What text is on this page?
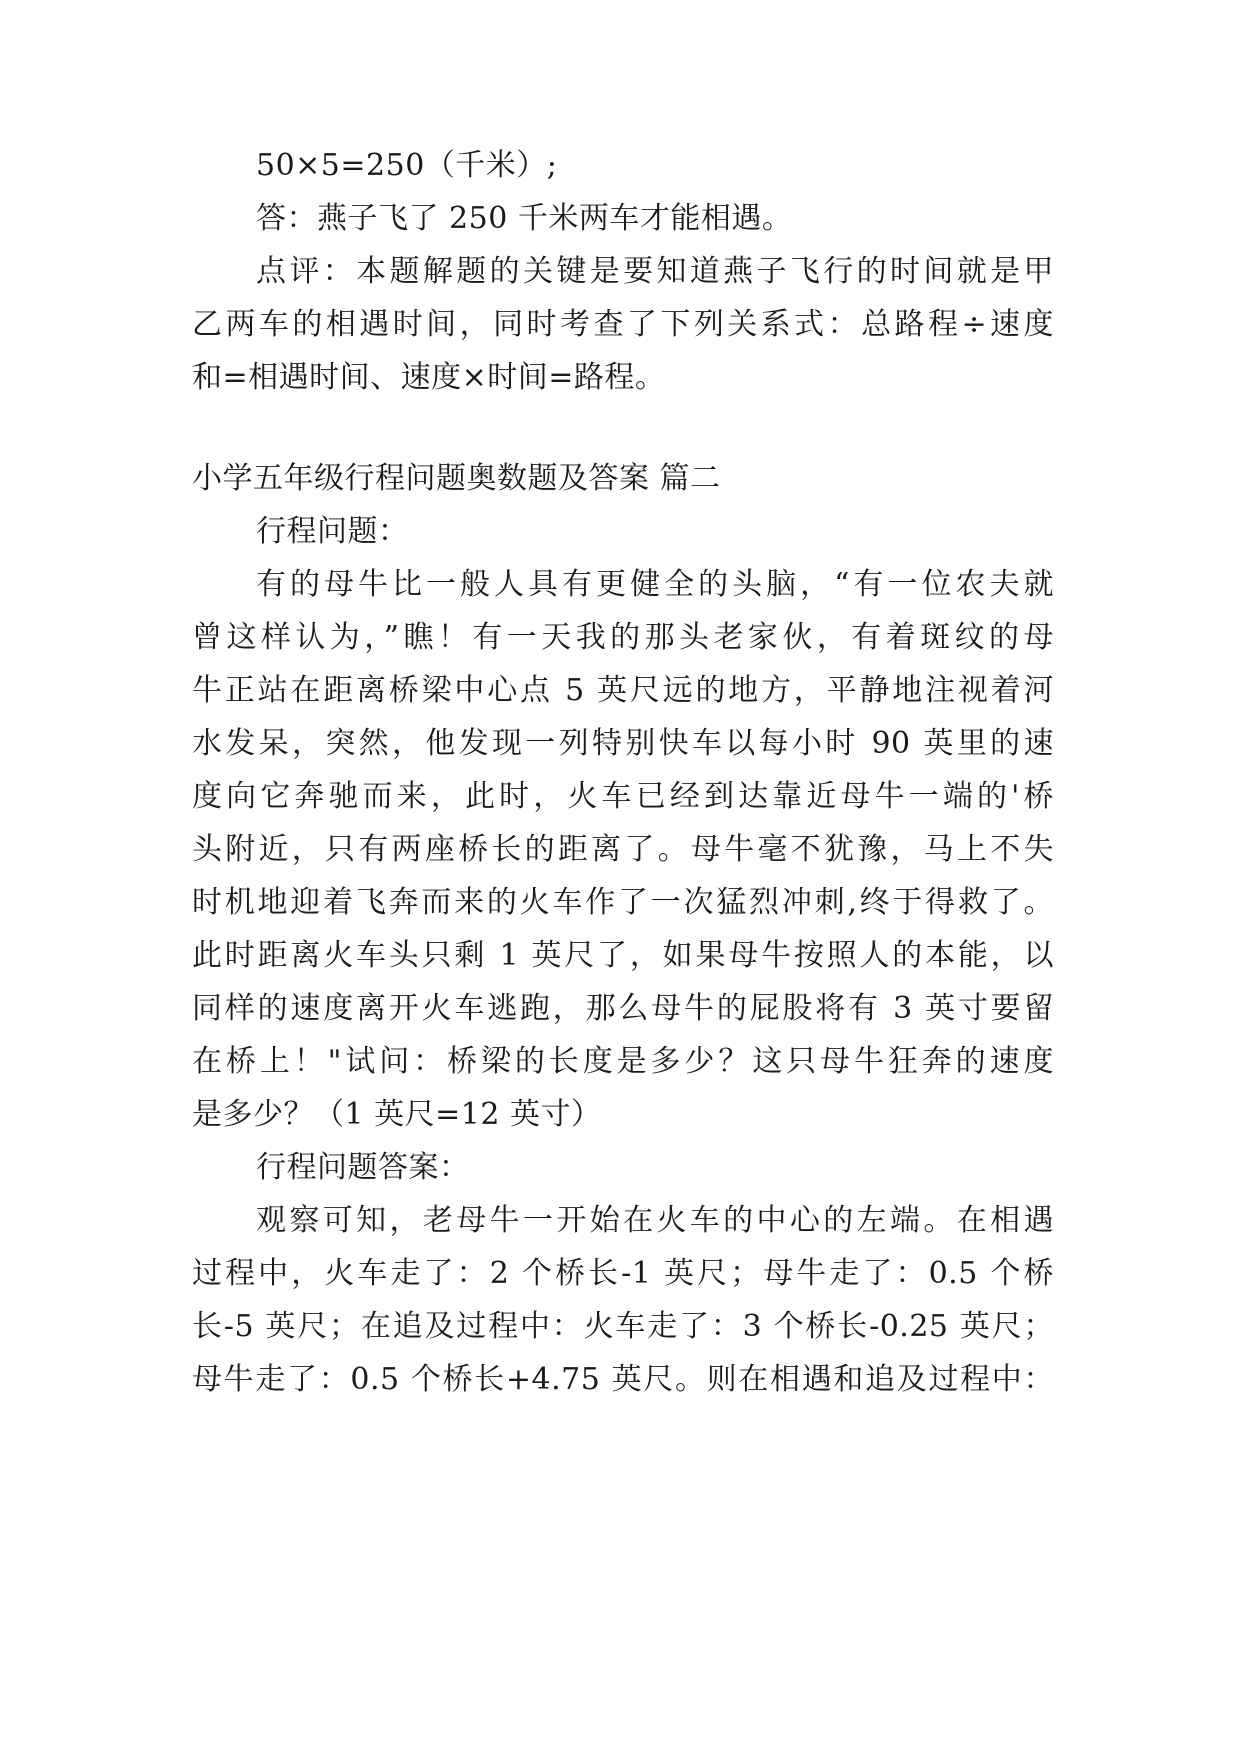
50×5=250（千米）;
答：燕子飞了 250 千米两车才能相遇。
点评：本题解题的关键是要知道燕子飞行的时间就是甲
乙两车的相遇时间，同时考查了下列关系式：总路程÷速度
和=相遇时间、速度×时间=路程。
小学五年级行程问题奥数题及答案 篇二
行程问题：
有的母牛比一般人具有更健全的头脑，“有一位农夫就
曾这样认为，”瞧！有一天我的那头老家伙，有着斑纹的母
牛正站在距离桥梁中心点 5 英尺远的地方，平静地注视着河
水发呆，突然，他发现一列特别快车以每小时 90 英里的速
度向它奔驰而来，此时，火车已经到达靠近母牛一端的'桥
头附近，只有两座桥长的距离了。母牛毫不犹豫，马上不失
时机地迎着飞奔而来的火车作了一次猛烈冲刺,终于得救了。
此时距离火车头只剩 1 英尺了，如果母牛按照人的本能，以
同样的速度离开火车逃跑，那么母牛的屁股将有 3 英寸要留
在桥上！"试问：桥梁的长度是多少？这只母牛狂奔的速度
是多少？（1 英尺=12 英寸）
行程问题答案：
观察可知，老母牛一开始在火车的中心的左端。在相遇
过程中，火车走了：2 个桥长-1 英尺；母牛走了：0.5 个桥
长-5 英尺；在追及过程中：火车走了：3 个桥长-0.25 英尺；
母牛走了：0.5 个桥长+4.75 英尺。则在相遇和追及过程中：
